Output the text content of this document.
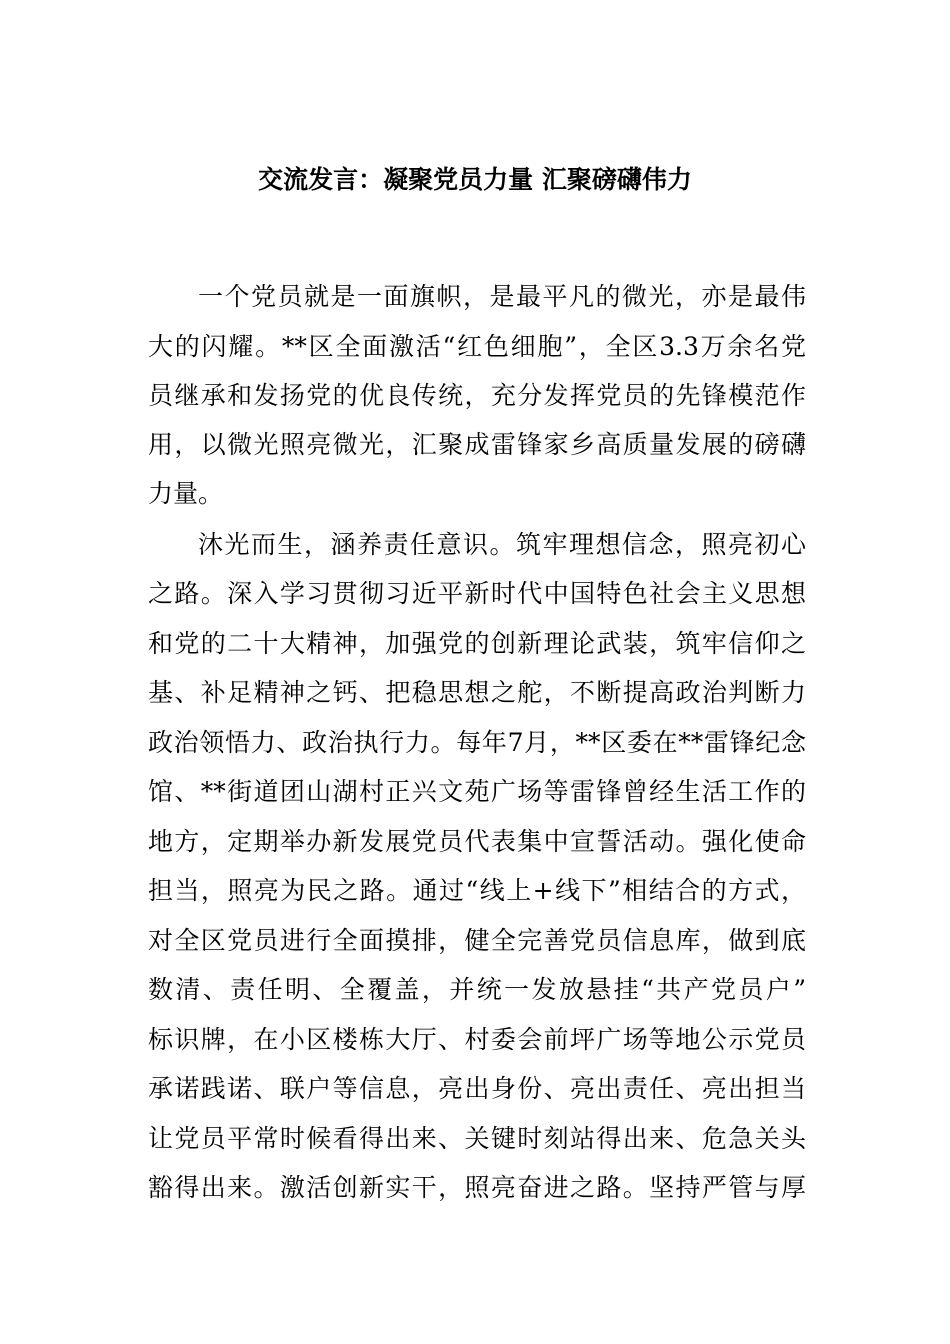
交流发言：凝聚党员力量 汇聚磅礴伟力
一个党员就是一面旗帜，是最平凡的微光，亦是最伟
大的闪耀。**区全面激活“红色细胞”，全区3.3万余名党
员继承和发扬党的优良传统，充分发挥党员的先锋模范作
用，以微光照亮微光，汇聚成雷锋家乡高质量发展的磅礴
力量。
沐光而生，涵养责任意识。筑牢理想信念，照亮初心
之路。深入学习贯彻习近平新时代中国特色社会主义思想
和党的二十大精神，加强党的创新理论武装，筑牢信仰之
基、补足精神之钙、把稳思想之舵，不断提高政治判断力
政治领悟力、政治执行力。每年7月，**区委在**雷锋纪念
馆、**街道团山湖村正兴文苑广场等雷锋曾经生活工作的
地方，定期举办新发展党员代表集中宣誓活动。强化使命
担当，照亮为民之路。通过“线上+线下”相结合的方式，
对全区党员进行全面摸排，健全完善党员信息库，做到底
数清、责任明、全覆盖，并统一发放悬挂“共产党员户”
标识牌，在小区楼栋大厅、村委会前坪广场等地公示党员
承诺践诺、联户等信息，亮出身份、亮出责任、亮出担当
让党员平常时候看得出来、关键时刻站得出来、危急关头
豁得出来。激活创新实干，照亮奋进之路。坚持严管与厚
